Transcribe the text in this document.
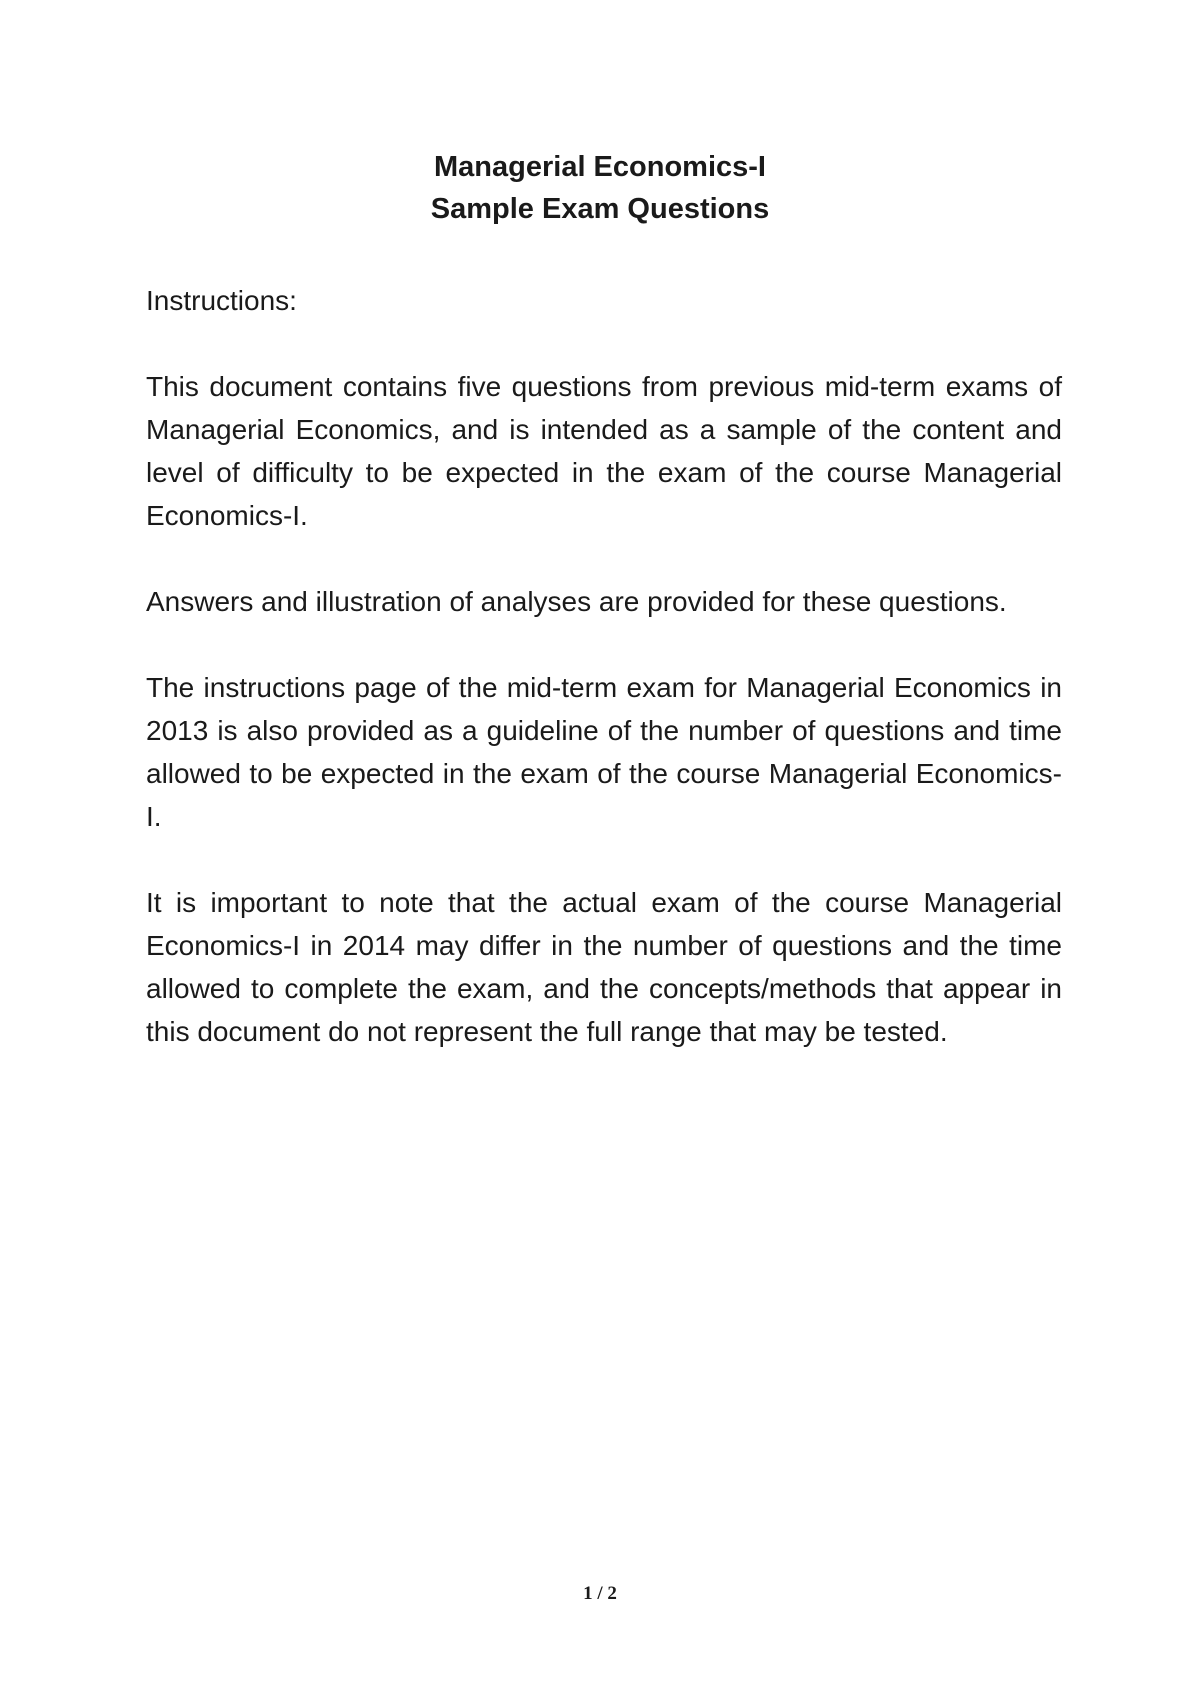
Managerial Economics-I

Sample Exam Questions

Instructions:

This document contains five questions from previous mid-term exams of Managerial Economics, and is intended as a sample of the content and level of difficulty to be expected in the exam of the course Managerial Economics-I.

Answers and illustration of analyses are provided for these questions.

The instructions page of the mid-term exam for Managerial Economics in 2013 is also provided as a guideline of the number of questions and time allowed to be expected in the exam of the course Managerial Economics-I.

It is important to note that the actual exam of the course Managerial Economics-I in 2014 may differ in the number of questions and the time allowed to complete the exam, and the concepts/methods that appear in this document do not represent the full range that may be tested.

1 / 2
